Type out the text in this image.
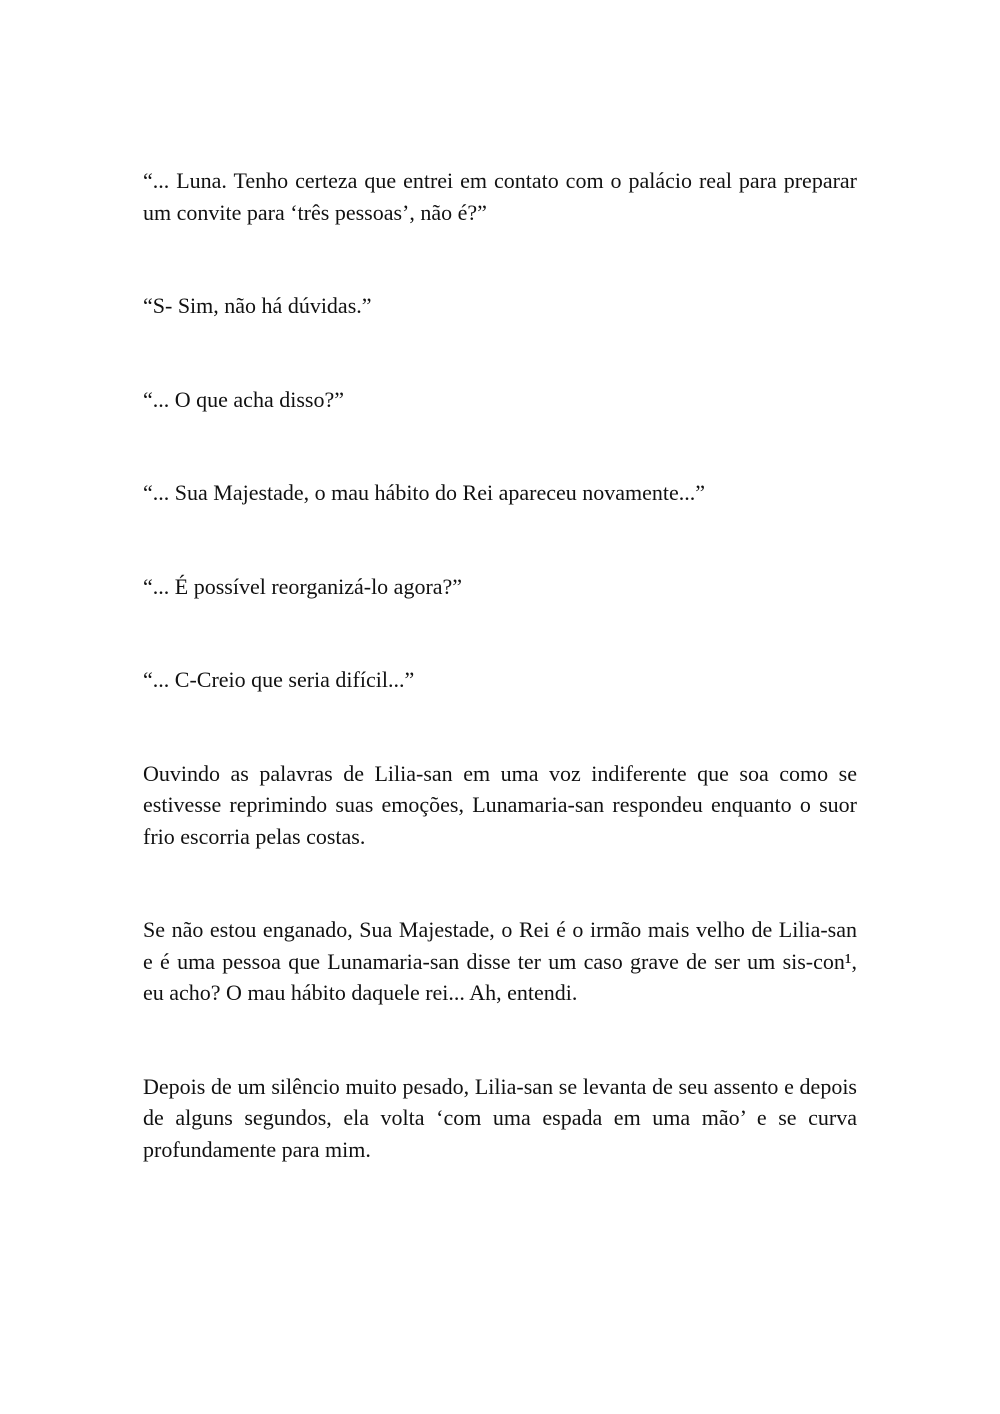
“... Luna. Tenho certeza que entrei em contato com o palácio real para preparar um convite para ‘três pessoas’, não é?”

“S- Sim, não há dúvidas.”

“... O que acha disso?”

“... Sua Majestade, o mau hábito do Rei apareceu novamente...”

“... É possível reorganizá-lo agora?”

“... C-Creio que seria difícil...”

Ouvindo as palavras de Lilia-san em uma voz indiferente que soa como se estivesse reprimindo suas emoções, Lunamaria-san respondeu enquanto o suor frio escorria pelas costas.

Se não estou enganado, Sua Majestade, o Rei é o irmão mais velho de Lilia-san e é uma pessoa que Lunamaria-san disse ter um caso grave de ser um sis-con¹, eu acho? O mau hábito daquele rei... Ah, entendi.

Depois de um silêncio muito pesado, Lilia-san se levanta de seu assento e depois de alguns segundos, ela volta ‘com uma espada em uma mão’ e se curva profundamente para mim.
